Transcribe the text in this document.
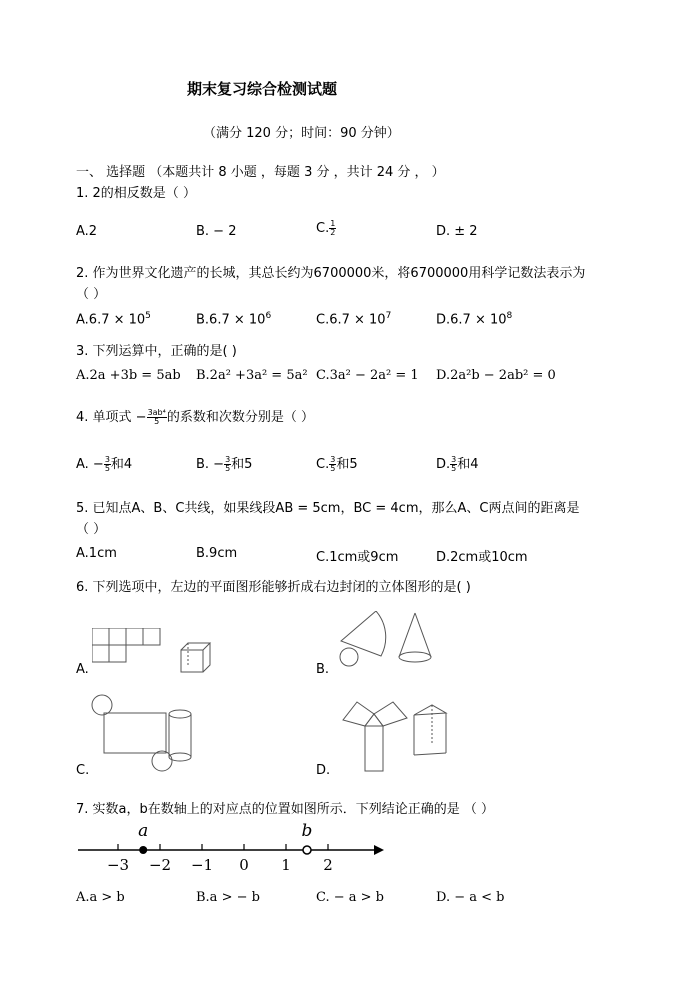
期末复习综合检测试题
（满分 120 分；时间：90 分钟）
一、 选择题 （本题共计 8 小题 ，每题 3 分 ，共计 24 分 ， ）
1. 2的相反数是（ ）
A.2	B. − 2	C. $\frac{1}{2}$	D. ± 2
2. 作为世界文化遗产的长城，其总长约为6700000米，将6700000用科学记数法表示为
（ ）
$A.6.7 \times 10^5$	$B.6.7 \times 10^6$	$C.6.7 \times 10^7$	$D.6.7 \times 10^8$
3. 下列运算中，正确的是( )
A.2a +3b = 5ab B.2a² +3a² = 5a² C.3a² − 2a² = 1 D.2a²b − 2ab² = 0
4. 单项式 − $\frac{\text{3ab⁴}}{5}$ 的系数和次数分别是（ ）
A. − $\frac{3}{5}$ 和4	B. − $\frac{3}{5}$ 和5	C. $\frac{3}{5}$ 和5	D. $\frac{3}{5}$ 和4
5. 已知点A、B、C共线，如果线段AB = 5cm，BC = 4cm，那么A、C两点间的距离是
（ ）
A.1cm	B.9cm	C.1cm或9cm	D.2cm或10cm
6. 下列选项中，左边的平面图形能够折成右边封闭的立体图形的是( )
A.	B.
C.	D.
7. 实数a，b在数轴上的对应点的位置如图所示．下列结论正确的是 （ ）
−3 −2 −1 0 1 2
a	b
A.a > b	B.a > − b	C. − a > b	D. − a < b
